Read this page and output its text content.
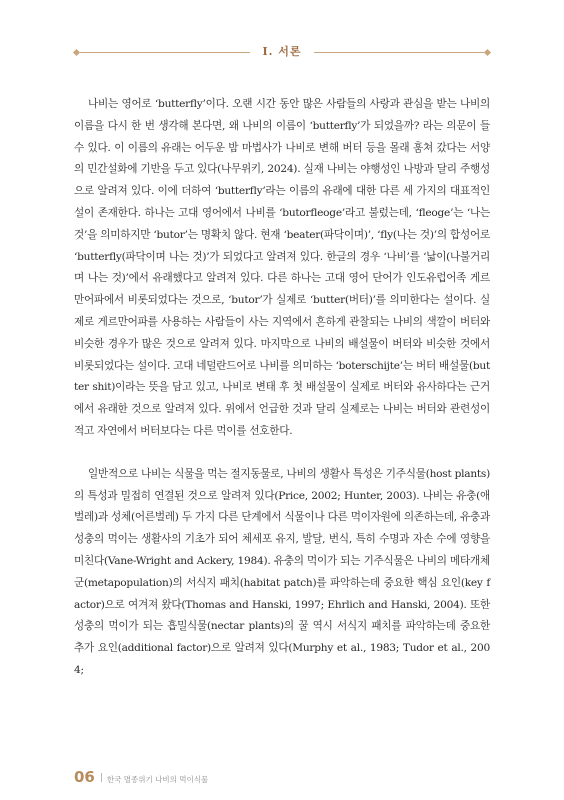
Ⅰ. 서론

나비는 영어로 ‘butterfly’이다. 오랜 시간 동안 많은 사람들의 사랑과 관심을 받는 나비의 이름을 다시 한 번 생각해 본다면, 왜 나비의 이름이 ‘butterfly’가 되었을까? 라는 의문이 들 수 있다. 이 이름의 유래는 어두운 밤 마법사가 나비로 변해 버터 등을 몰래 훔쳐 갔다는 서양의 민간설화에 기반을 두고 있다(나무위키, 2024). 실재 나비는 야행성인 나방과 달리 주행성으로 알려져 있다. 이에 더하여 ‘butterfly’라는 이름의 유래에 대한 다른 세 가지의 대표적인 설이 존재한다. 하나는 고대 영어에서 나비를 ‘butorfleoge’라고 불렀는데, ‘fleoge’는 ‘나는 것’을 의미하지만 ‘butor’는 명확치 않다. 현재 ‘beater(파닥이며)’, ‘fly(나는 것)’의 합성어로 ‘butterfly(파닥이며 나는 것)’가 되었다고 알려져 있다. 한글의 경우 ‘나비’를 ‘낣이(나불거리며 나는 것)’에서 유래했다고 알려져 있다. 다른 하나는 고대 영어 단어가 인도유럽어족 게르만어파에서 비롯되었다는 것으로, ‘butor’가 실제로 ‘butter(버터)’를 의미한다는 설이다. 실제로 게르만어파를 사용하는 사람들이 사는 지역에서 흔하게 관찰되는 나비의 색깔이 버터와 비슷한 경우가 많은 것으로 알려져 있다. 마지막으로 나비의 배설물이 버터와 비슷한 것에서 비롯되었다는 설이다. 고대 네덜란드어로 나비를 의미하는 ‘boterschijte’는 버터 배설물(butter shit)이라는 뜻을 담고 있고, 나비로 변태 후 첫 배설물이 실제로 버터와 유사하다는 근거에서 유래한 것으로 알려져 있다. 위에서 언급한 것과 달리 실제로는 나비는 버터와 관련성이 적고 자연에서 버터보다는 다른 먹이를 선호한다.

일반적으로 나비는 식물을 먹는 절지동물로, 나비의 생활사 특성은 기주식물(host plants)의 특성과 밀접히 연결된 것으로 알려져 있다(Price, 2002; Hunter, 2003). 나비는 유충(애벌레)과 성체(어른벌레) 두 가지 다른 단계에서 식물이나 다른 먹이자원에 의존하는데, 유충과 성충의 먹이는 생활사의 기초가 되어 체세포 유지, 발달, 번식, 특히 수명과 자손 수에 영향을 미친다(Vane-Wright and Ackery, 1984). 유충의 먹이가 되는 기주식물은 나비의 메타개체군(metapopulation)의 서식지 패치(habitat patch)를 파악하는데 중요한 핵심 요인(key factor)으로 여겨져 왔다(Thomas and Hanski, 1997; Ehrlich and Hanski, 2004). 또한 성충의 먹이가 되는 흡밀식물(nectar plants)의 꿀 역시 서식지 패치를 파악하는데 중요한 추가 요인(additional factor)으로 알려져 있다(Murphy et al., 1983; Tudor et al., 2004;

06 한국 멸종위기 나비의 먹이식물
